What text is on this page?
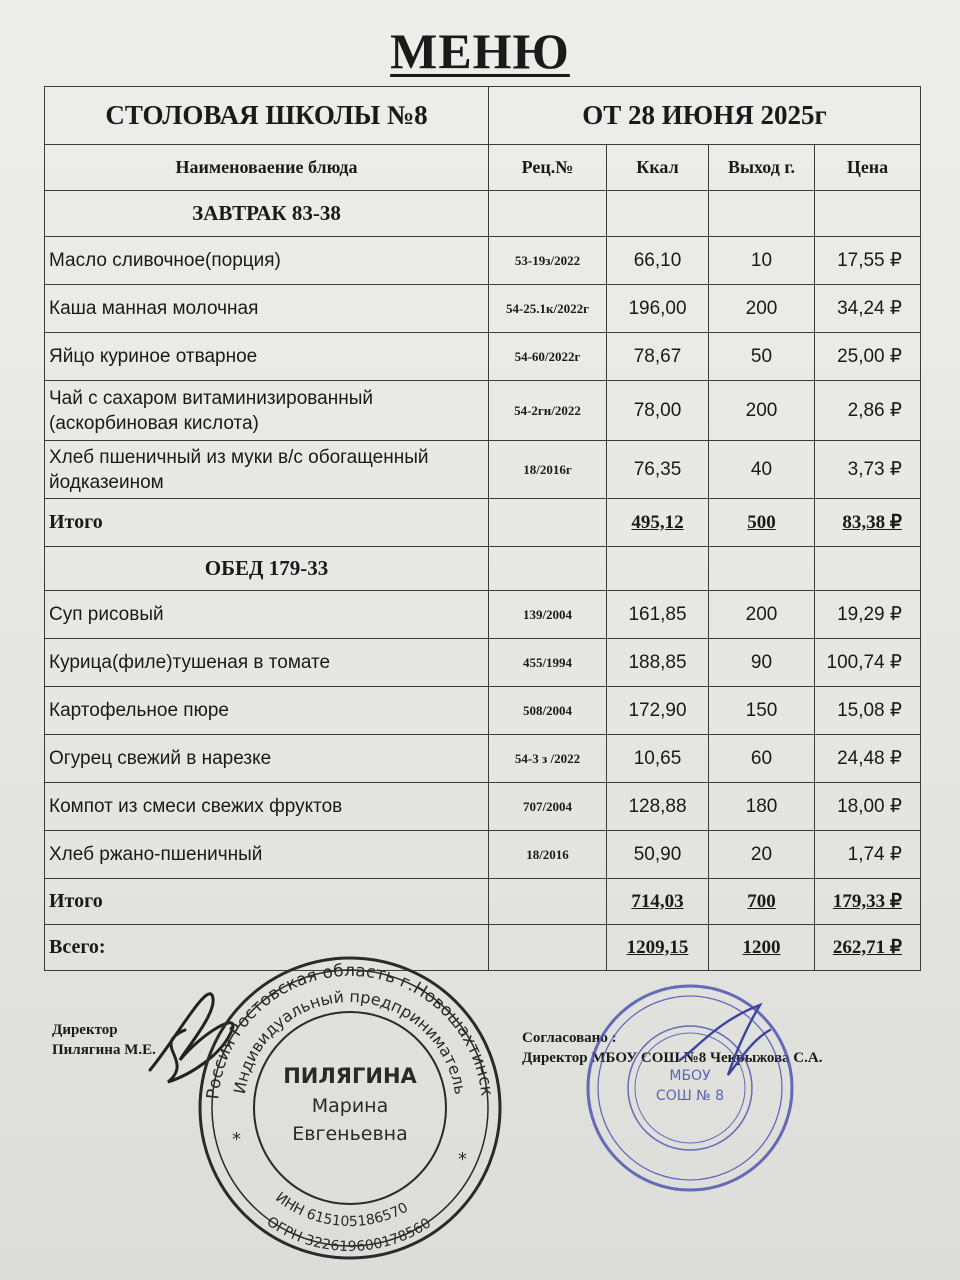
МЕНЮ
СТОЛОВАЯ ШКОЛЫ №8	ОТ 28 ИЮНЯ 2025г			
Наименоваение блюда	Рец.№	Ккал	Выход г.	Цена
ЗАВТРАК 83-38				
Масло сливочное(порция)	53-19з/2022	66,10	10	17,55 ₽
Каша манная молочная	54-25.1к/2022г	196,00	200	34,24 ₽
Яйцо куриное отварное	54-60/2022г	78,67	50	25,00 ₽
Чай с сахаром витаминизированный (аскорбиновая кислота)	54-2гн/2022	78,00	200	2,86 ₽
Хлеб пшеничный из муки в/с обогащенный йодказеином	18/2016г	76,35	40	3,73 ₽
Итого		495,12	500	83,38 ₽
ОБЕД 179-33				
Суп рисовый	139/2004	161,85	200	19,29 ₽
Курица(филе)тушеная в томате	455/1994	188,85	90	100,74 ₽
Картофельное пюре	508/2004	172,90	150	15,08 ₽
Огурец свежий в нарезке	54-3 з /2022	10,65	60	24,48 ₽
Компот из смеси свежих фруктов	707/2004	128,88	180	18,00 ₽
Хлеб ржано-пшеничный	18/2016	50,90	20	1,74 ₽
Итого		714,03	700	179,33 ₽
Всего:		1209,15	1200	262,71 ₽
Директор
Пилягина М.Е.
Согласовано :
Директор МБОУ СОШ №8 Чекрыжова С.А.
Россия Ростовская область г.Новошахтинск
Индивидуальный предприниматель
ИНН 615105186570
ОГРН 322619600178560
ПИЛЯГИНА
Марина
Евгеньевна
*
*
МБОУ
СОШ № 8
